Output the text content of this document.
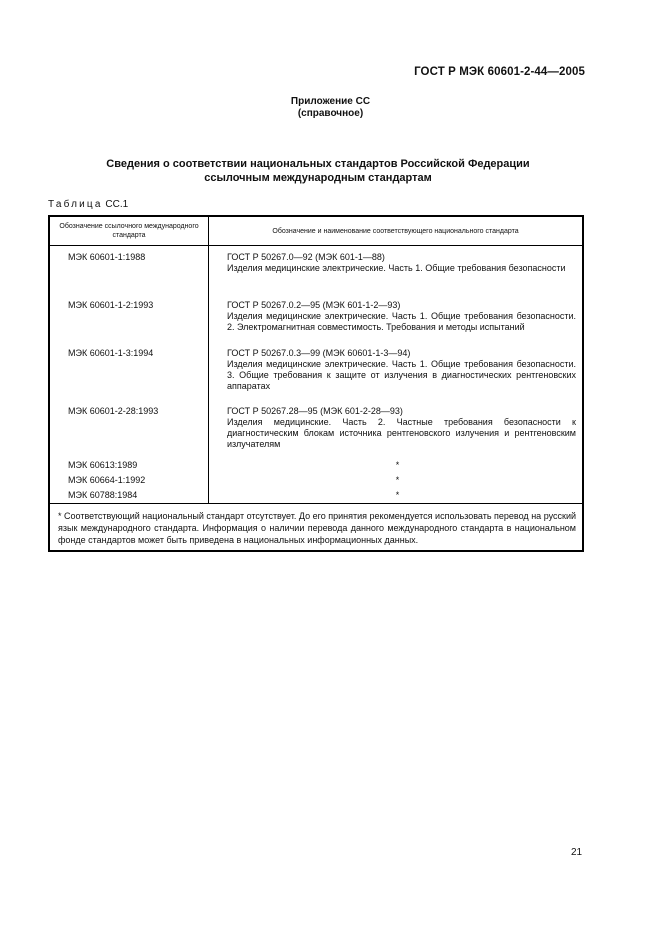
ГОСТ Р МЭК 60601-2-44—2005
Приложение СС
(справочное)
Сведения о соответствии национальных стандартов Российской Федерации
ссылочным международным стандартам
Таблица СС.1
Обозначение ссылочного международного стандарта	Обозначение и наименование соответствующего национального стандарта
МЭК 60601-1:1988	ГОСТ Р 50267.0—92 (МЭК 601-1—88)
Изделия медицинские электрические. Часть 1. Общие требования безопасности

МЭК 60601-1-2:1993	ГОСТ Р 50267.0.2—95 (МЭК 601-1-2—93)
Изделия медицинские электрические. Часть 1. Общие требования безопасности. 2. Электромагнитная совместимость. Требования и методы испытаний

МЭК 60601-1-3:1994	ГОСТ Р 50267.0.3—99 (МЭК 60601-1-3—94)
Изделия медицинские электрические. Часть 1. Общие требования безопасности. 3. Общие требования к защите от излучения в диагностических рентгеновских аппаратах

МЭК 60601-2-28:1993	ГОСТ Р 50267.28—95 (МЭК 601-2-28—93)
Изделия медицинские. Часть 2. Частные требования безопасности к диагностическим блокам источника рентгеновского излучения и рентгеновским излучателям

МЭК 60613:1989	*
МЭК 60664-1:1992	*
МЭК 60788:1984	*
* Соответствующий национальный стандарт отсутствует. До его принятия рекомендуется использовать перевод на русский язык международного стандарта. Информация о наличии перевода данного международного стандарта в национальном фонде стандартов может быть приведена в национальных информационных данных.	
21
